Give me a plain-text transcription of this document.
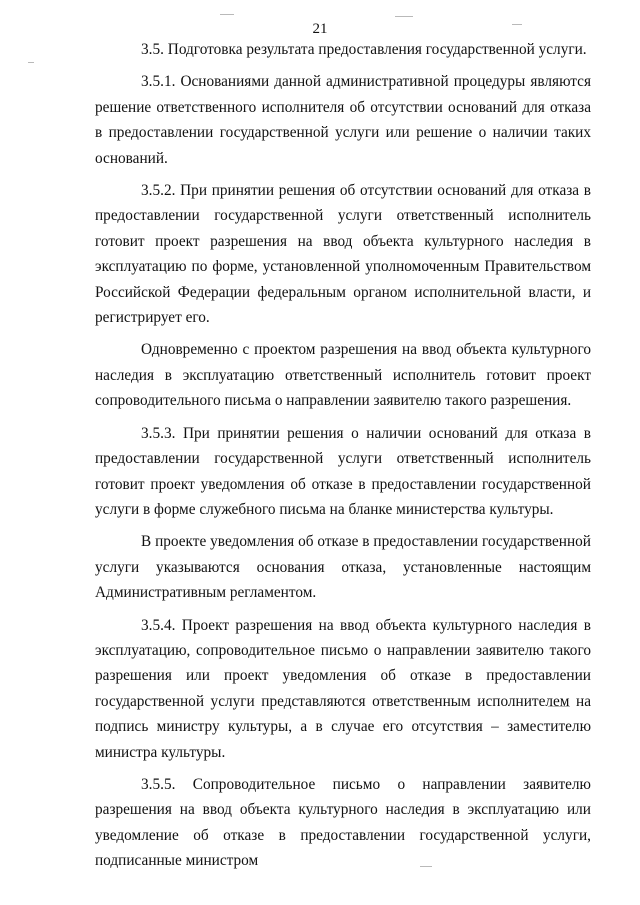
21

3.5. Подготовка результата предоставления государственной услуги.

3.5.1. Основаниями данной административной процедуры являются решение ответственного исполнителя об отсутствии оснований для отказа в предоставлении государственной услуги или решение о наличии таких оснований.

3.5.2. При принятии решения об отсутствии оснований для отказа в предоставлении государственной услуги ответственный исполнитель готовит проект разрешения на ввод объекта культурного наследия в эксплуатацию по форме, установленной уполномоченным Правительством Российской Федерации федеральным органом исполнительной власти, и регистрирует его.

Одновременно с проектом разрешения на ввод объекта культурного наследия в эксплуатацию ответственный исполнитель готовит проект сопроводительного письма о направлении заявителю такого разрешения.

3.5.3. При принятии решения о наличии оснований для отказа в предоставлении государственной услуги ответственный исполнитель готовит проект уведомления об отказе в предоставлении государственной услуги в форме служебного письма на бланке министерства культуры.

В проекте уведомления об отказе в предоставлении государственной услуги указываются основания отказа, установленные настоящим Административным регламентом.

3.5.4. Проект разрешения на ввод объекта культурного наследия в эксплуатацию, сопроводительное письмо о направлении заявителю такого разрешения или проект уведомления об отказе в предоставлении государственной услуги представляются ответственным исполнителем на подпись министру культуры, а в случае его отсутствия – заместителю министра культуры.

3.5.5. Сопроводительное письмо о направлении заявителю разрешения на ввод объекта культурного наследия в эксплуатацию или уведомление об отказе в предоставлении государственной услуги, подписанные министром
